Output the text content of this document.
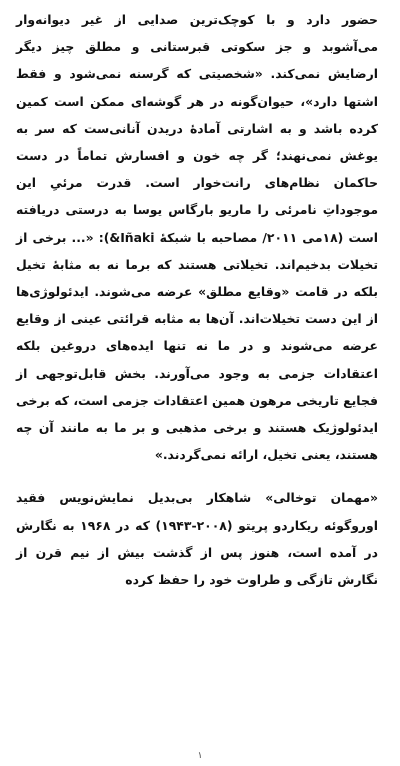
حضور دارد و با کوچک‌ترین صدایی از غیر دیوانه‌وار می‌آشوبد و جز سکوتی قبرستانی و مطلق چیز دیگر ارضایش نمی‌کند. «شخصیتی که گرسنه نمی‌شود و فقط اشتها دارد»، حیوان‌گونه در هر گوشه‌ای ممکن است کمین کرده باشد و به اشارتی آمادهٔ دریدن آنانی‌ست که سر به یوغش نمی‌نهند؛ گر چه خون و افسارش تماماً در دست حاکمان نظام‌های رانت‌خوار است. قدرت مرئیِ این موجوداتِ نامرئی را ماریو بارگاس یوسا به درستی دریافته است (۱۸می ۲۰۱۱/ مصاحبه با شبکهٔ Iñaki&): «... برخی از تخیلات بدخیم‌اند. تخیلاتی هستند که برما نه به مثابهٔ تخیل بلکه در قامت «وقایع مطلق» عرضه می‌شوند. ایدئولوژی‌ها از این دست تخیلات‌اند. آن‌ها به مثابه قرائتی عینی از وقایع عرضه می‌شوند و در ما نه تنها ایده‌های دروغین بلکه اعتقادات جزمی به وجود می‌آورند. بخش قابل‌توجهی از فجایع تاریخی مرهون همین اعتقادات جزمی است، که برخی ایدئولوژیک هستند و برخی مذهبی و بر ما به مانند آن چه هستند، یعنی تخیل، ارائه نمی‌گردند.»

«مهمان توخالی» شاهکار بی‌بدیل نمایش‌نویس فقید اوروگوئه ریکاردو پریتو (۲۰۰۸-۱۹۴۳) که در ۱۹۶۸ به نگارش در آمده است، هنوز پس از گذشت بیش از نیم قرن از نگارش تازگی و طراوت خود را حفظ کرده

۱
